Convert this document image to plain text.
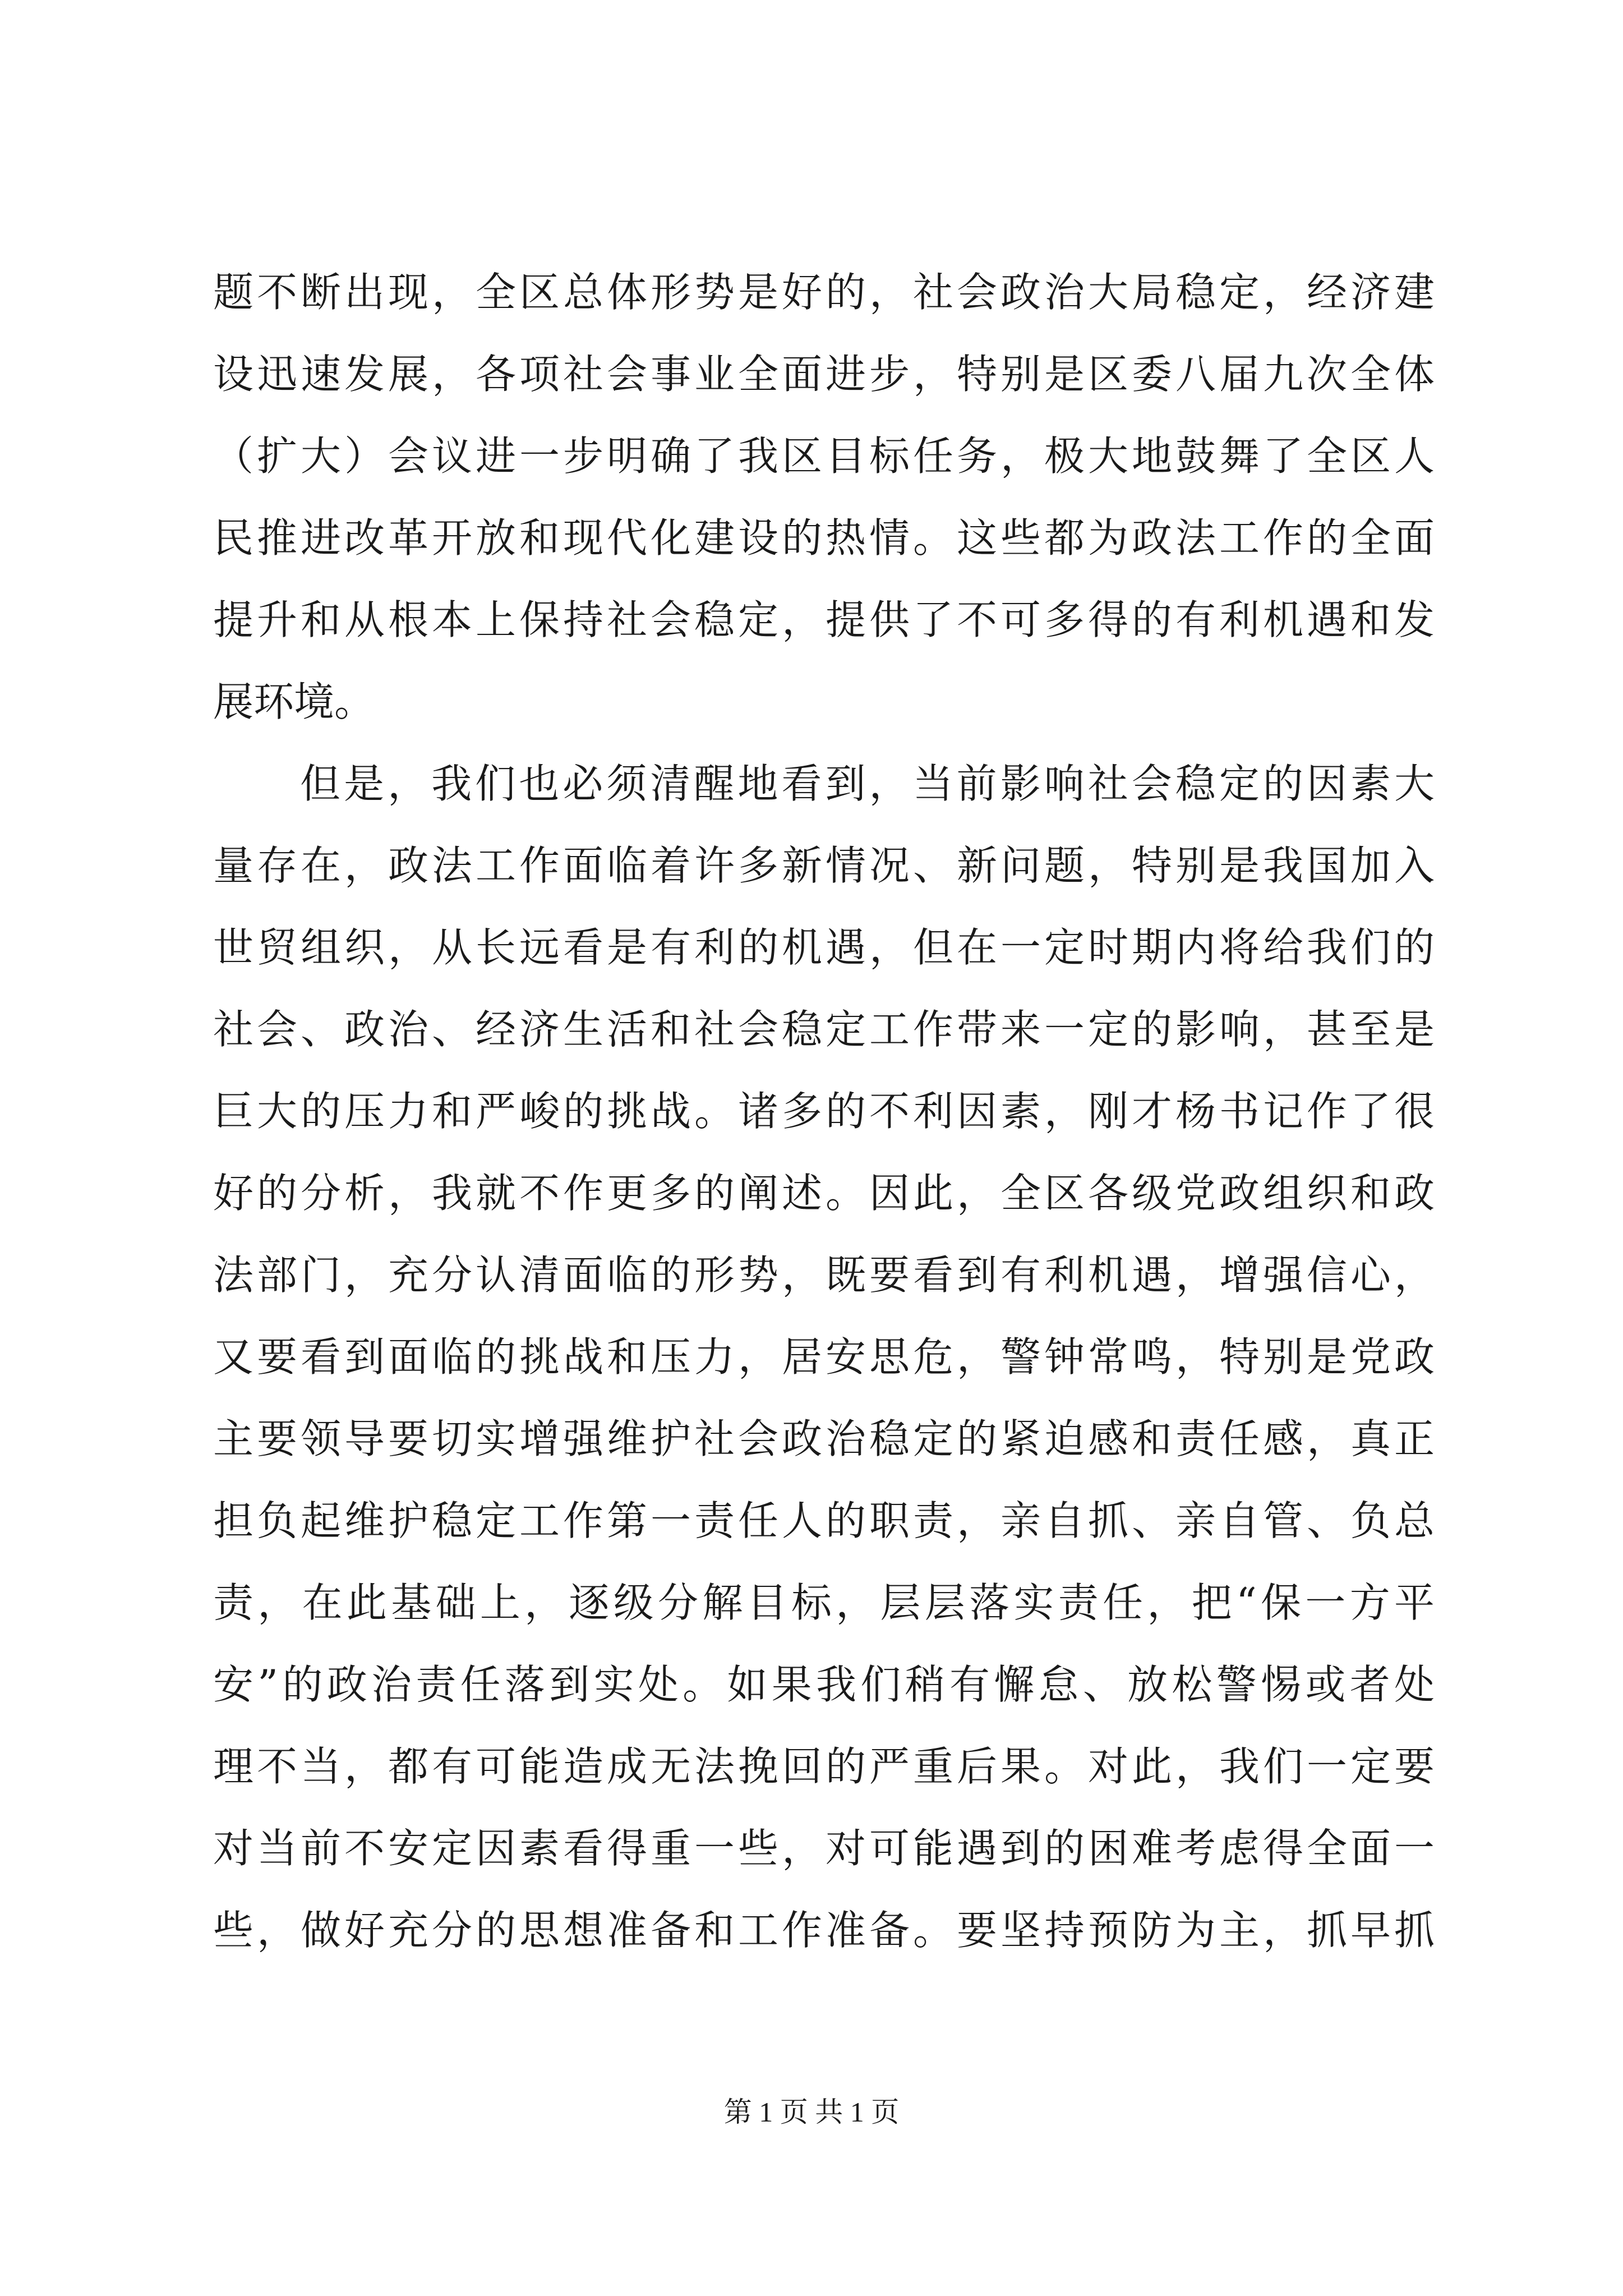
题不断出现，全区总体形势是好的，社会政治大局稳定，经济建
设迅速发展，各项社会事业全面进步，特别是区委八届九次全体
（扩大）会议进一步明确了我区目标任务，极大地鼓舞了全区人
民推进改革开放和现代化建设的热情。这些都为政法工作的全面
提升和从根本上保持社会稳定，提供了不可多得的有利机遇和发
展环境。
但是，我们也必须清醒地看到，当前影响社会稳定的因素大
量存在，政法工作面临着许多新情况、新问题，特别是我国加入
世贸组织，从长远看是有利的机遇，但在一定时期内将给我们的
社会、政治、经济生活和社会稳定工作带来一定的影响，甚至是
巨大的压力和严峻的挑战。诸多的不利因素，刚才杨书记作了很
好的分析，我就不作更多的阐述。因此，全区各级党政组织和政
法部门，充分认清面临的形势，既要看到有利机遇，增强信心，
又要看到面临的挑战和压力，居安思危，警钟常鸣，特别是党政
主要领导要切实增强维护社会政治稳定的紧迫感和责任感，真正
担负起维护稳定工作第一责任人的职责，亲自抓、亲自管、负总
责，在此基础上，逐级分解目标，层层落实责任，把“保一方平
安”的政治责任落到实处。如果我们稍有懈怠、放松警惕或者处
理不当，都有可能造成无法挽回的严重后果。对此，我们一定要
对当前不安定因素看得重一些，对可能遇到的困难考虑得全面一
些，做好充分的思想准备和工作准备。要坚持预防为主，抓早抓
第 1 页 共 1 页
